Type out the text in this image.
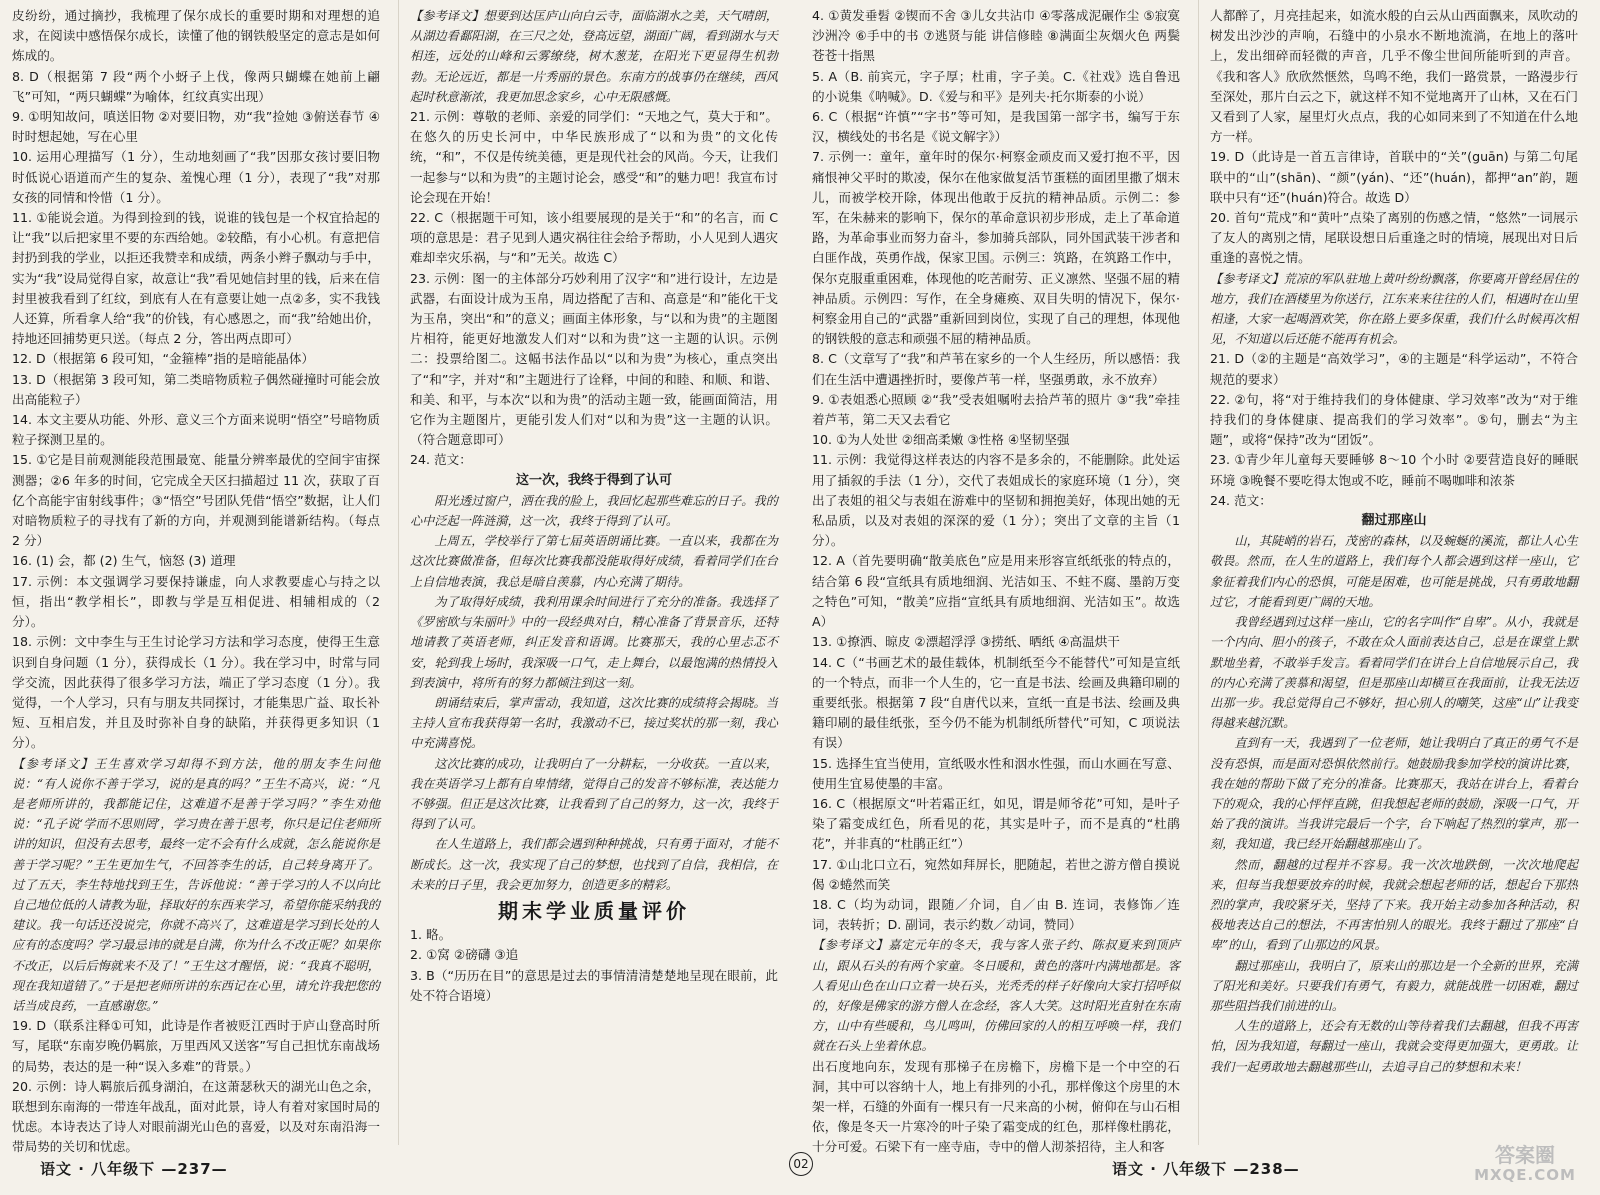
皮纷纷，通过摘抄，我梳理了保尔成长的重要时期和对理想的追求，在阅读中感悟保尔成长，读懂了他的钢铁般坚定的意志是如何炼成的。

8. D（根据第 7 段“两个小蚜子上伐，像两只蝴蝶在她前上翩飞”可知，“两只蝴蝶”为喻体，红纹真实出现）

9. ①明知故问，嗔送旧物 ②对要旧物，劝“我”捡她 ③俯送春节 ④时时想起她，写在心里

10. 运用心理描写（1 分），生动地刻画了“我”因那女孩讨要旧物时低说心语道而产生的复杂、羞愧心理（1 分），表现了“我”对那女孩的同情和怜惜（1 分）。

11. ①能说会道。为得到捡到的钱，说谁的钱包是一个权宜拾起的让“我”以后把家里不要的东西给她。②较酷，有小心机。有意把信封扔到我的学业，以拒还我赞幸和成绩，两条小辫子飘动与手中，实为“我”设局觉得自家，故意让“我”看见她信封里的钱，后来在信封里被我看到了红纹，到底有人在有意要让她一点②多，实不我钱人还算，所看拿人给“我”的价钱，有心感恩之，而“我”给她出价，持地还回捕势更只送。（每点 2 分，答出两点即可）

12. D（根据第 6 段可知，“金箍棒”指的是暗能晶体）

13. D（根据第 3 段可知，第二类暗物质粒子偶然碰撞时可能会放出高能粒子）

14. 本文主要从功能、外形、意义三个方面来说明“悟空”号暗物质粒子探测卫星的。

15. ①它是目前观测能段范围最宽、能量分辨率最优的空间宇宙探测器；②6 年多的时间，它完成全天区扫描超过 11 次，获取了百亿个高能宇宙射线事件；③“悟空”号团队凭借“悟空”数据，让人们对暗物质粒子的寻找有了新的方向，并观测到能谱新结构。（每点 2 分）

16. (1) 会，都 (2) 生气，恼怒 (3) 道理

17. 示例：本文强调学习要保持谦虚，向人求教要虚心与持之以恒，指出“教学相长”，即教与学是互相促进、相辅相成的（2 分）。

18. 示例：文中李生与王生讨论学习方法和学习态度，使得王生意识到自身问题（1 分），获得成长（1 分）。我在学习中，时常与同学交流，因此获得了很多学习方法，端正了学习态度（1 分）。我觉得，一个人学习，只有与朋友共同探讨，才能集思广益、取长补短、互相启发，并且及时弥补自身的缺陷，并获得更多知识（1 分）。

【参考译文】王生喜欢学习却得不到方法，他的朋友李生问他说：“有人说你不善于学习，说的是真的吗？”王生不高兴，说：“凡是老师所讲的，我都能记住，这难道不是善于学习吗？”李生劝他说：“孔子说‘学而不思则罔’，学习贵在善于思考，你只是记住老师所讲的知识，但没有去思考，最终一定不会有什么成就，怎么能说你是善于学习呢？”王生更加生气，不回答李生的话，自己转身离开了。过了五天，李生特地找到王生，告诉他说：“善于学习的人不以向比自己地位低的人请教为耻，择取好的东西来学习，希望你能采纳我的建议。我一句话还没说完，你就不高兴了，这难道是学习到长处的人应有的态度吗？学习最忌讳的就是自满，你为什么不改正呢？如果你不改正，以后后悔就来不及了！”王生这才醒悟，说：“我真不聪明，现在我知道错了。”于是把老师所讲的东西记在心里，请允许我把您的话当成良药，一直感谢您。”

19. D（联系注释①可知，此诗是作者被贬江西时于庐山登高时所写，尾联“东南岁晚仍羁旅，万里西风又送客”写自己担忧东南战场的局势，表达的是一种“误入多难”的背景。）

20. 示例：诗人羁旅后孤身湖泊，在这萧瑟秋天的湖光山色之余，联想到东南海的一带连年战乱，面对此景，诗人有着对家国时局的忧虑。本诗表达了诗人对眼前湖光山色的喜爱，以及对东南沿海一带局势的关切和忧虑。

【参考译文】想要到达匡庐山向白云寺，面临湖水之美，天气晴朗，从湖边看鄱阳湖，在三尺之处，登高远望，湖面广阔，看到湖水与天相连，远处的山峰和云雾缭绕，树木葱茏，在阳光下更显得生机勃勃。无论远近，都是一片秀丽的景色。东南方的战事仍在继续，西风起时秋意渐浓，我更加思念家乡，心中无限感慨。

21. 示例：尊敬的老师、亲爱的同学们：“天地之气，莫大于和”。在悠久的历史长河中，中华民族形成了“以和为贵”的文化传统，“和”，不仅是传统美德，更是现代社会的风尚。今天，让我们一起参与“以和为贵”的主题讨论会，感受“和”的魅力吧！我宣布讨论会现在开始！

22. C（根据题干可知，该小组要展现的是关于“和”的名言，而 C 项的意思是：君子见到人遇灾祸往往会给予帮助，小人见到人遇灾难却幸灾乐祸，与“和”无关。故选 C）

23. 示例：图一的主体部分巧妙利用了汉字“和”进行设计，左边是武器，右面设计成为玉帛，周边搭配了吉和、高意是“和”能化干戈为玉帛，突出“和”的意义；画面主体形象，与“以和为贵”的主题图片相符，能更好地激发人们对“以和为贵”这一主题的认识。示例二：投票给图二。这幅书法作品以“以和为贵”为核心，重点突出了“和”字，并对“和”主题进行了诠释，中间的和睦、和顺、和谐、和美、和平，与本次“以和为贵”的活动主题一致，能画面简洁，用它作为主题图片，更能引发人们对“以和为贵”这一主题的认识。（符合题意即可）

24. 范文：

这一次，我终于得到了认可

阳光透过窗户，洒在我的脸上，我回忆起那些难忘的日子。我的心中泛起一阵涟漪，这一次，我终于得到了认可。

上周五，学校举行了第七届英语朗诵比赛。一直以来，我都在为这次比赛做准备，但每次比赛我都没能取得好成绩，看着同学们在台上自信地表演，我总是暗自羡慕，内心充满了期待。

为了取得好成绩，我利用课余时间进行了充分的准备。我选择了《罗密欧与朱丽叶》中的一段经典对白，精心准备了背景音乐，还特地请教了英语老师，纠正发音和语调。比赛那天，我的心里忐忑不安，轮到我上场时，我深吸一口气，走上舞台，以最饱满的热情投入到表演中，将所有的努力都倾注到这一刻。

朗诵结束后，掌声雷动，我知道，这次比赛的成绩将会揭晓。当主持人宣布我获得第一名时，我激动不已，接过奖状的那一刻，我心中充满喜悦。

这次比赛的成功，让我明白了一分耕耘，一分收获。一直以来，我在英语学习上都有自卑情绪，觉得自己的发音不够标准，表达能力不够强。但正是这次比赛，让我看到了自己的努力，这一次，我终于得到了认可。

在人生道路上，我们都会遇到种种挑战，只有勇于面对，才能不断成长。这一次，我实现了自己的梦想，也找到了自信，我相信，在未来的日子里，我会更加努力，创造更多的精彩。

期末学业质量评价

1. 略。

2. ①窝 ②磅礴 ③追

3. B（“历历在目”的意思是过去的事情清清楚楚地呈现在眼前，此处不符合语境）

4. ①黄发垂髫 ②锲而不舍 ③儿女共沾巾 ④零落成泥碾作尘 ⑤寂寞沙洲冷 ⑥手中的书 ⑦逃贤与能 讲信修睦 ⑧满面尘灰烟火色 两鬓苍苍十指黑

5. A（B. 前宾元，字子厚；杜甫，字子美。C.《社戏》选自鲁迅的小说集《呐喊》。D.《爱与和平》是列夫·托尔斯泰的小说）

6. C（根据“许慎”“字书”等可知，是我国第一部字书，编写于东汉，横线处的书名是《说文解字》）

7. 示例一：童年，童年时的保尔·柯察金顽皮而又爱打抱不平，因痛恨神父平时的欺凌，保尔在他家做复活节蛋糕的面团里撒了烟末儿，而被学校开除，体现出他敢于反抗的精神品质。示例二：参军，在朱赫来的影响下，保尔的革命意识初步形成，走上了革命道路，为革命事业而努力奋斗，参加骑兵部队，同外国武装干涉者和白匪作战，英勇作战，保家卫国。示例三：筑路，在筑路工作中，保尔克服重重困难，体现他的吃苦耐劳、正义凛然、坚强不屈的精神品质。示例四：写作，在全身瘫痪、双目失明的情况下，保尔·柯察金用自己的“武器”重新回到岗位，实现了自己的理想，体现他的钢铁般的意志和顽强不屈的精神品质。

8. C（文章写了“我”和芦苇在家乡的一个人生经历，所以感悟：我们在生活中遭遇挫折时，要像芦苇一样，坚强勇敢，永不放弃）

9. ①表姐悉心照顾 ②“我”受表姐嘱咐去拾芦苇的照片 ③“我”牵挂着芦苇，第二天又去看它

10. ①为人处世 ②细高柔嫩 ③性格 ④坚韧坚强

11. 示例：我觉得这样表达的内容不是多余的，不能删除。此处运用了插叙的手法（1 分），交代了表姐成长的家庭环境（1 分），突出了表姐的祖父与表姐在游难中的坚韧和拥抱美好，体现出她的无私品质，以及对表姐的深深的爱（1 分）；突出了文章的主旨（1 分）。

12. A（首先要明确“散美底色”应是用来形容宣纸纸张的特点的，结合第 6 段“宣纸具有质地细润、光洁如玉、不蛀不腐、墨韵万变之特色”可知，“散美”应指“宣纸具有质地细润、光洁如玉”。故选 A）

13. ①撩洒、晾皮 ②漂超浮浮 ③捞纸、晒纸 ④高温烘干

14. C（“书画艺术的最佳载体，机制纸至今不能替代”可知是宣纸的一个特点，而非一个人生的，它一直是书法、绘画及典籍印刷的重要纸张。根据第 7 段“自唐代以来，宣纸一直是书法、绘画及典籍印刷的最佳纸张，至今仍不能为机制纸所替代”可知，C 项说法有误）

15. 选择生宜当使用，宣纸吸水性和洇水性强，而山水画在写意、使用生宜易使墨的丰富。

16. C（根据原文“叶若霜正红，如见，谓是师爷花”可知，是叶子染了霜变成红色，所看见的花，其实是叶子，而不是真的“杜鹃花”，并非真的“杜鹃正红”）

17. ①山北口立石，宛然如拜屏长，肥随起，若世之游方僧自摸说偈 ②蜷然而笑

18. C（均为动词，跟随／介词，自／由 B. 连词，表修饰／连词，表转折；D. 副词，表示约数／动词，赞同）

【参考译文】嘉定元年的冬天，我与客人张子约、陈叔夏来到顶庐山，跟从石头的有两个家童。冬日暖和，黄色的落叶内满地都是。客人看见山色在山口立着一块石头，光秃秃的样子好像向大家打招呼似的，好像是佛家的游方僧人在念经，客人大笑。这时阳光直射在东南方，山中有些暖和，鸟儿鸣叫，仿佛回家的人的相互呼唤一样，我们就在石头上坐着休息。

出石度地向东，发现有那梯子在房檐下，房檐下是一个中空的石洞，其中可以容纳十人，地上有排列的小孔，那样像这个房里的木架一样，石缝的外面有一棵只有一尺来高的小树，俯仰在与山石相依，像是冬天一片寒冷的叶子染了霜变成的红色，那样像杜鹃花，十分可爱。石梁下有一座寺庙，寺中的僧人沏茶招待，主人和客

人都醉了，月亮挂起来，如流水般的白云从山西面飘来，凤吹动的树发出沙沙的声响，石缝中的小泉水不断地流淌，在地上的落叶上，发出细碎而轻微的声音，几乎不像尘世间所能听到的声音。《我和客人》欣欣然惬然，鸟鸣不绝，我们一路赏景，一路漫步行至深处，那片白云之下，就这样不知不觉地离开了山林，又在石门又看到了人家，屋里灯火点点，我的心如同来到了不知道在什么地方一样。

19. D（此诗是一首五言律诗，首联中的“关”(guān) 与第二句尾联中的“山”(shān)、“颜”(yán)、“还”(huán)，都押“an”韵，题联中只有“还”(huán)符合。故选 D）

20. 首句“荒戍”和“黄叶”点染了离别的伤感之情，“悠然”一词展示了友人的离别之情，尾联设想日后重逢之时的情境，展现出对日后重逢的喜悦之情。

【参考译文】荒凉的军队驻地上黄叶纷纷飘落，你要离开曾经居住的地方，我们在酒楼里为你送行，江东来来往往的人们，相遇时在山里相逢，大家一起喝酒欢笑，你在路上要多保重，我们什么时候再次相见，不知道以后还能不能再有机会。

21. D（②的主题是“高效学习”，④的主题是“科学运动”，不符合规范的要求）

22. ②句，将“对于维持我们的身体健康、学习效率”改为“对于维持我们的身体健康、提高我们的学习效率”。⑤句，删去“为主题”，或将“保持”改为“团饭”。

23. ①青少年儿童每天要睡够 8～10 个小时 ②要营造良好的睡眠环境 ③晚餐不要吃得太饱或不吃，睡前不喝咖啡和浓茶

24. 范文：

翻过那座山

山，其陡峭的岩石，茂密的森林，以及蜿蜒的溪流，都让人心生敬畏。然而，在人生的道路上，我们每个人都会遇到这样一座山，它象征着我们内心的恐惧，可能是困难，也可能是挑战，只有勇敢地翻过它，才能看到更广阔的天地。

我曾经遇到过这样一座山，它的名字叫作“自卑”。从小，我就是一个内向、胆小的孩子，不敢在众人面前表达自己，总是在课堂上默默地坐着，不敢举手发言。看着同学们在讲台上自信地展示自己，我的内心充满了羡慕和渴望，但是那座山却横亘在我面前，让我无法迈出那一步。我总觉得自己不够好，担心别人的嘲笑，这座“山”让我变得越来越沉默。

直到有一天，我遇到了一位老师，她让我明白了真正的勇气不是没有恐惧，而是面对恐惧依然前行。她鼓励我参加学校的演讲比赛，我在她的帮助下做了充分的准备。比赛那天，我站在讲台上，看着台下的观众，我的心怦怦直跳，但我想起老师的鼓励，深吸一口气，开始了我的演讲。当我讲完最后一个字，台下响起了热烈的掌声，那一刻，我知道，我已经开始翻越那座山了。

然而，翻越的过程并不容易。我一次次地跌倒，一次次地爬起来，但每当我想要放弃的时候，我就会想起老师的话，想起台下那热烈的掌声，我咬紧牙关，坚持了下来。我开始主动参加各种活动，积极地表达自己的想法，不再害怕别人的眼光。我终于翻过了那座“自卑”的山，看到了山那边的风景。

翻过那座山，我明白了，原来山的那边是一个全新的世界，充满了阳光和美好。只要我们有勇气，有毅力，就能战胜一切困难，翻过那些阻挡我们前进的山。

人生的道路上，还会有无数的山等待着我们去翻越，但我不再害怕，因为我知道，每翻过一座山，我就会变得更加强大，更勇敢。让我们一起勇敢地去翻越那些山，去追寻自己的梦想和未来！

语文 · 八年级下 —237—	02	语文 · 八年级下 —238—
答案圈
MXQE.COM
